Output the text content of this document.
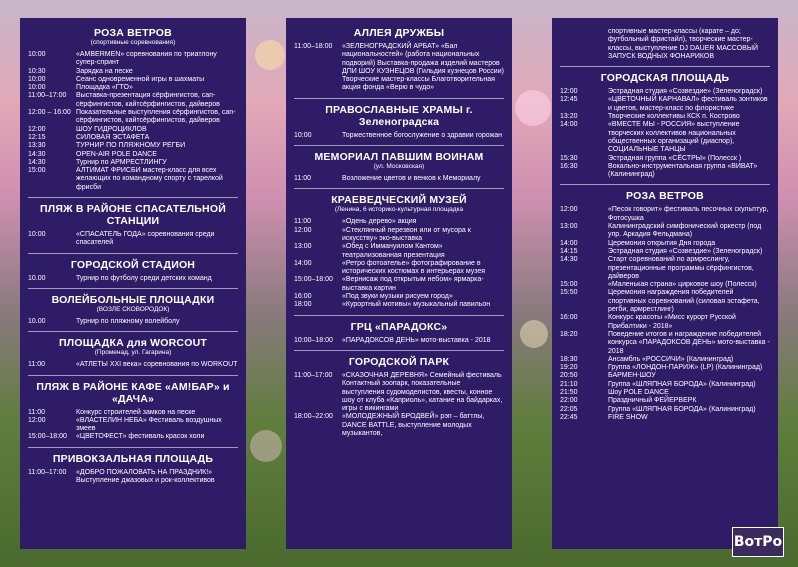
РОЗА ВЕТРОВ
(спортивные соревнования)
10:00	«AMBERMEN» соревнования по триатлону супер-спринт
10:30	Зарядка на песке
10:00	Сеанс одновременной игры в шахматы
10:00	Площадка «ГТО»
11:00–17:00	Выставка-презентация сёрфингистов, сап-сёрфингистов, кайтсёрфингистов, дайверов
12:00 – 16:00 Показательные выступления сёрфингистов, сап-сёрфингистов, кайтсёрфингистов, дайверов
12:00	ШОУ ГИДРОЦИКЛОВ
12:15	СИЛОВАЯ ЭСТАФЕТА
13:30	ТУРНИР ПО ПЛЯЖНОМУ РЕГБИ
14:30	OPEN-AIR POLE DANCE
14:30	Турнир по АРМРЕСТЛИНГУ
15:00	АЛТИМАТ ФРИСБИ мастер-класс для всех желающих по командному спорту с тарелкой фрисби
ПЛЯЖ В РАЙОНЕ СПАСАТЕЛЬНОЙ СТАНЦИИ
10:00	«СПАСАТЕЛЬ ГОДА» соревнования среди спасателей
ГОРОДСКОЙ СТАДИОН
10.00	Турнир по футболу среди детских команд
ВОЛЕЙБОЛЬНЫЕ ПЛОЩАДКИ
(ВОЗЛЕ СКОВОРОДОК)
10.00	Турнир по пляжному волейболу
ПЛОЩАДКА для WORCOUT
(Променад, ул. Гагарина)
11:00	«АТЛЕТЫ XXI века» соревнования по WORKOUT
ПЛЯЖ В РАЙОНЕ КАФЕ «АМ!БАР» и «ДАЧА»
11:00	Конкурс строителей замков на песке
12:00	«ВЛАСТЕЛИН НЕБА» Фестиваль воздушных змеев
15:00–18:00	«ЦВЕТОФЕСТ» фестиваль красок холи
ПРИВОКЗАЛЬНАЯ ПЛОЩАДЬ
11:00–17:00	«ДОБРО ПОЖАЛОВАТЬ НА ПРАЗДНИК!» Выступление джазовых и рок-коллективов
АЛЛЕЯ ДРУЖБЫ
11:00–18:00	«ЗЕЛЕНОГРАДСКИЙ АРБАТ» «Бал национальностей» (работа национальных подворий) Выставка-продажа изделий мастеров ДПИ ШОУ КУЗНЕЦОВ (Гильдия кузнецов России) Творческие мастер-классы Благотворительная акция фонда «Верю в чудо»
ПРАВОСЛАВНЫЕ ХРАМЫ г. Зеленоградска
10:00	Торжественное богослужение о здравии горожан
МЕМОРИАЛ ПАВШИМ ВОИНАМ
(ул. Московская)
11:00	Возложение цветов и венков к Мемориалу
КРАЕВЕДЧЕСКИЙ МУЗЕЙ
(Ленина, 6 историко-культурная площадка
11:00	«Одень дерево» акция
12:00	«Стеклянный перезвон или от мусора к искусству» эко-выставка
13:00	«Обед с Иммануилом Кантом» театрализованная презентация
14:00	«Ретро фотоателье» фотографирование в исторических костюмах в интерьерах музея
15:00–18:00	«Вернисаж под открытым небом» ярмарка-выставка картин
16:00	«Под звуки музыки рисуем город»
18:00	«Курортный мотивы» музыкальный павильон
ГРЦ «ПАРАДОКС»
10:00–18:00	«ПАРАДОКСОВ ДЕНЬ» мото-выставка - 2018
ГОРОДСКОЙ ПАРК
11:00–17:00	«СКАЗОЧНАЯ ДЕРЕВНЯ» Семейный фестиваль Контактный зоопарк, показательные выступления судомоделистов, квесты, конное шоу от клуба «Каприоль», катание на байдарках, игры с викингами
18:00–22:00	«МОЛОДЕЖНЫЙ БРОДВЕЙ» рэп – баттлы, DANCE BATTLE, выступление молодых музыкантов,
спортивные мастер-классы (карате – до; футбольный фристайл), творческие мастер-классы, выступление DJ DAUER МАССОВЫЙ ЗАПУСК ВОДНЫХ ФОНАРИКОВ
ГОРОДСКАЯ ПЛОЩАДЬ
12:00	Эстрадная студия «Созвездие» (Зеленоградск)
12:45	«ЦВЕТОЧНЫЙ КАРНАВАЛ» фестиваль зонтиков и цветов, мастер-класс по флористике
13:20	Творческие коллективы КСК п. Кострово
14:00	«ВМЕСТЕ МЫ - РОССИЯ» выступление творческих коллективов национальных общественных организаций (диаспор), СОЦИАЛЬНЫЕ ТАНЦЫ
15:30	Эстрадная группа «СЁСТРЫ» (Полесск )
16:30	Вокально-инструментальная группа «ВИВАТ» (Калининград)
РОЗА ВЕТРОВ
12:00	«Песок говорит» фестиваль песочных скульптур, Фотосушка
13:00	Калининградский симфонический оркестр (под упр. Аркадия Фельдмана)
14:00	Церемония открытия Дня города
14:15	Эстрадная студия «Созвездие» (Зеленоградск)
14:30	Старт соревнований по армреслингу, презентационные программы сёрфингистов, дайверов
15:00	«Маленькая страна» цирковое шоу (Полесск)
15:50	Церемония награждения победителей спортивных соревнований (силовая эстафета, регби, армрестлинг)
16:00	Конкурс красоты «Мисс курорт Русской Прибалтики - 2018»
18:20	Поведение итогов и награждение победителей конкурса «ПАРАДОКСОВ ДЕНЬ» мото-выставка - 2018
18:30	Ансамбль «РОССИЧИ» (Калининград)
19:20	Группа «ЛОНДОН-ПАРИЖ» (LP) (Калининград)
20:50	БАРМЕН-ШОУ
21:10	Группа «ШЛЯПНАЯ БОРОДА» (Калининград)
21:50	Шоу POLE DANCE
22:00	Праздничный ФЕЙЕРВЕРК
22:05	Группа «ШЛЯПНАЯ БОРОДА» (Калининград)
22:45	FIRE SHOW
ВотРо
